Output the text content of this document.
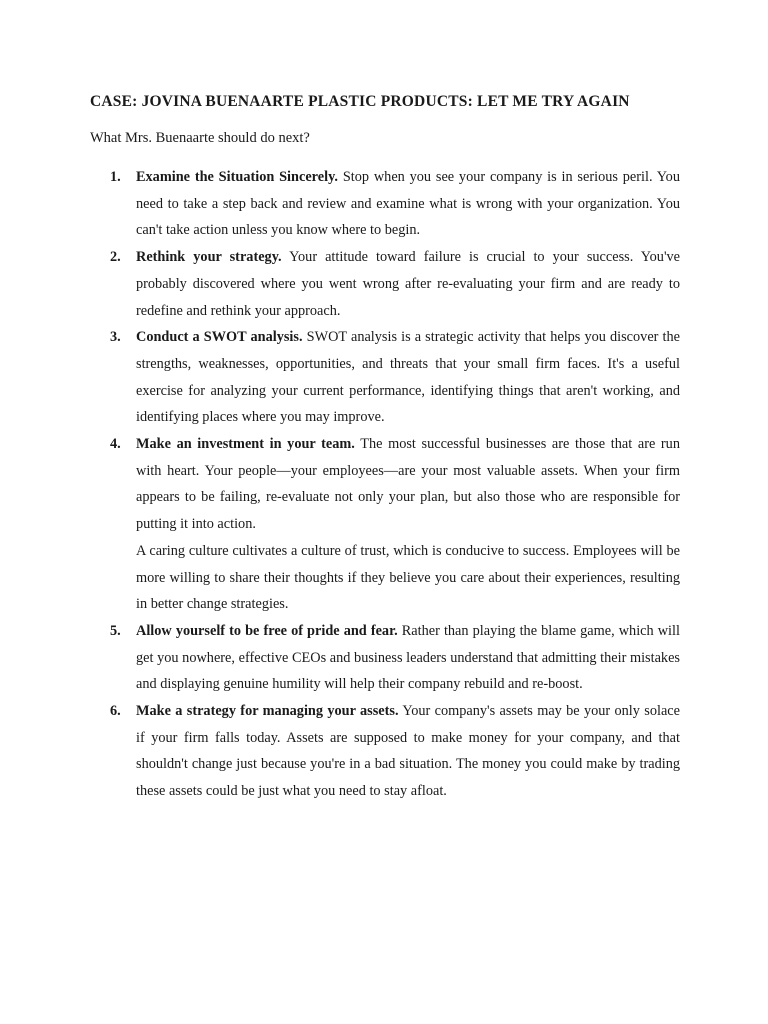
CASE: JOVINA BUENAARTE PLASTIC PRODUCTS: LET ME TRY AGAIN

What Mrs. Buenaarte should do next?

1. Examine the Situation Sincerely. Stop when you see your company is in serious peril. You need to take a step back and review and examine what is wrong with your organization. You can't take action unless you know where to begin.

2. Rethink your strategy. Your attitude toward failure is crucial to your success. You've probably discovered where you went wrong after re-evaluating your firm and are ready to redefine and rethink your approach.

3. Conduct a SWOT analysis. SWOT analysis is a strategic activity that helps you discover the strengths, weaknesses, opportunities, and threats that your small firm faces. It's a useful exercise for analyzing your current performance, identifying things that aren't working, and identifying places where you may improve.

4. Make an investment in your team. The most successful businesses are those that are run with heart. Your people—your employees—are your most valuable assets. When your firm appears to be failing, re-evaluate not only your plan, but also those who are responsible for putting it into action.

A caring culture cultivates a culture of trust, which is conducive to success. Employees will be more willing to share their thoughts if they believe you care about their experiences, resulting in better change strategies.

5. Allow yourself to be free of pride and fear. Rather than playing the blame game, which will get you nowhere, effective CEOs and business leaders understand that admitting their mistakes and displaying genuine humility will help their company rebuild and re-boost.

6. Make a strategy for managing your assets. Your company's assets may be your only solace if your firm falls today. Assets are supposed to make money for your company, and that shouldn't change just because you're in a bad situation. The money you could make by trading these assets could be just what you need to stay afloat.
